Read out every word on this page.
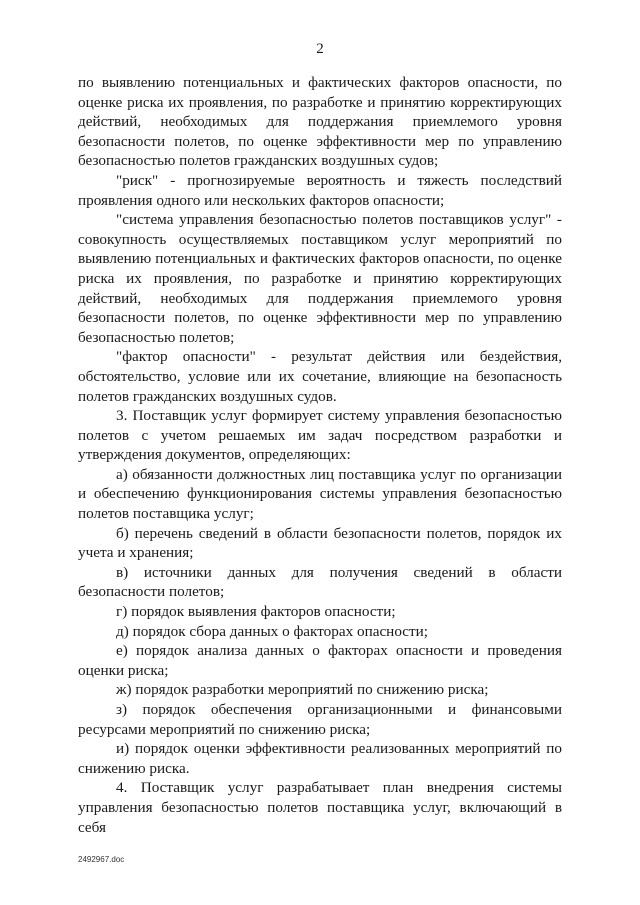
2

по выявлению потенциальных и фактических факторов опасности, по оценке риска их проявления, по разработке и принятию корректирующих действий, необходимых для поддержания приемлемого уровня безопасности полетов, по оценке эффективности мер по управлению безопасностью полетов гражданских воздушных судов;

"риск" - прогнозируемые вероятность и тяжесть последствий проявления одного или нескольких факторов опасности;

"система управления безопасностью полетов поставщиков услуг" - совокупность осуществляемых поставщиком услуг мероприятий по выявлению потенциальных и фактических факторов опасности, по оценке риска их проявления, по разработке и принятию корректирующих действий, необходимых для поддержания приемлемого уровня безопасности полетов, по оценке эффективности мер по управлению безопасностью полетов;

"фактор опасности" - результат действия или бездействия, обстоятельство, условие или их сочетание, влияющие на безопасность полетов гражданских воздушных судов.

3. Поставщик услуг формирует систему управления безопасностью полетов с учетом решаемых им задач посредством разработки и утверждения документов, определяющих:

а) обязанности должностных лиц поставщика услуг по организации и обеспечению функционирования системы управления безопасностью полетов поставщика услуг;

б) перечень сведений в области безопасности полетов, порядок их учета и хранения;

в) источники данных для получения сведений в области безопасности полетов;

г) порядок выявления факторов опасности;

д) порядок сбора данных о факторах опасности;

е) порядок анализа данных о факторах опасности и проведения оценки риска;

ж) порядок разработки мероприятий по снижению риска;

з) порядок обеспечения организационными и финансовыми ресурсами мероприятий по снижению риска;

и) порядок оценки эффективности реализованных мероприятий по снижению риска.

4. Поставщик услуг разрабатывает план внедрения системы управления безопасностью полетов поставщика услуг, включающий в себя

2492967.doc
